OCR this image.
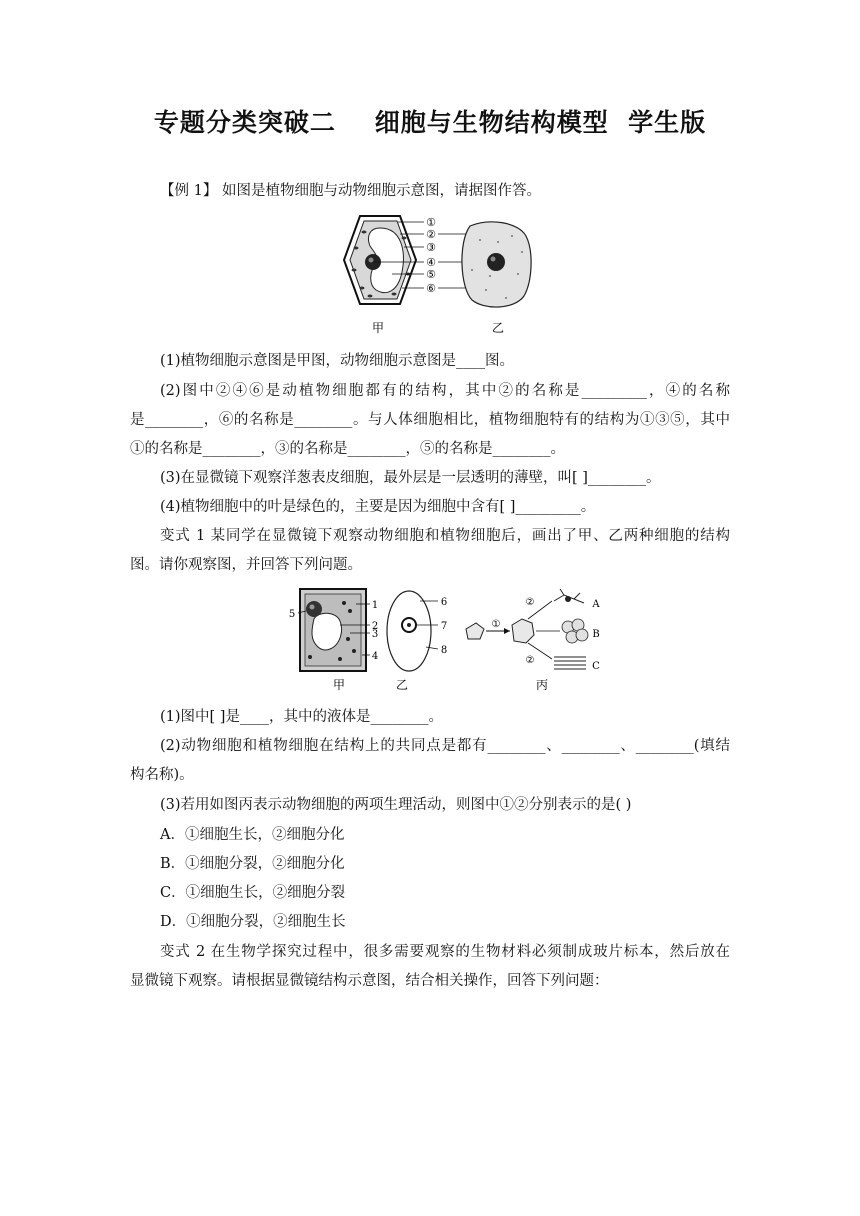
专题分类突破二    细胞与生物结构模型  学生版
【例 1】 如图是植物细胞与动物细胞示意图，请据图作答。
①
②
③
④
⑤
⑥
甲	乙
(1)植物细胞示意图是甲图，动物细胞示意图是____图。
(2)图中②④⑥是动植物细胞都有的结构，其中②的名称是_________，④的名称
是________，⑥的名称是________。与人体细胞相比，植物细胞特有的结构为①③⑤，其中
①的名称是________，③的名称是________，⑤的名称是________。
(3)在显微镜下观察洋葱表皮细胞，最外层是一层透明的薄壁，叫[ ]________。
(4)植物细胞中的叶是绿色的，主要是因为细胞中含有[ ]_________。
变式 1 某同学在显微镜下观察动物细胞和植物细胞后，画出了甲、乙两种细胞的结构
图。请你观察图，并回答下列问题。
5
1
2
3
4
6
7
8
①
②
②
A
B
C
甲	乙	丙
(1)图中[ ]是____，其中的液体是________。
(2)动物细胞和植物细胞在结构上的共同点是都有________、________、________(填结
构名称)。
(3)若用如图丙表示动物细胞的两项生理活动，则图中①②分别表示的是( )
A．①细胞生长，②细胞分化
B．①细胞分裂，②细胞分化
C．①细胞生长，②细胞分裂
D．①细胞分裂，②细胞生长
变式 2 在生物学探究过程中，很多需要观察的生物材料必须制成玻片标本，然后放在
显微镜下观察。请根据显微镜结构示意图，结合相关操作，回答下列问题：
